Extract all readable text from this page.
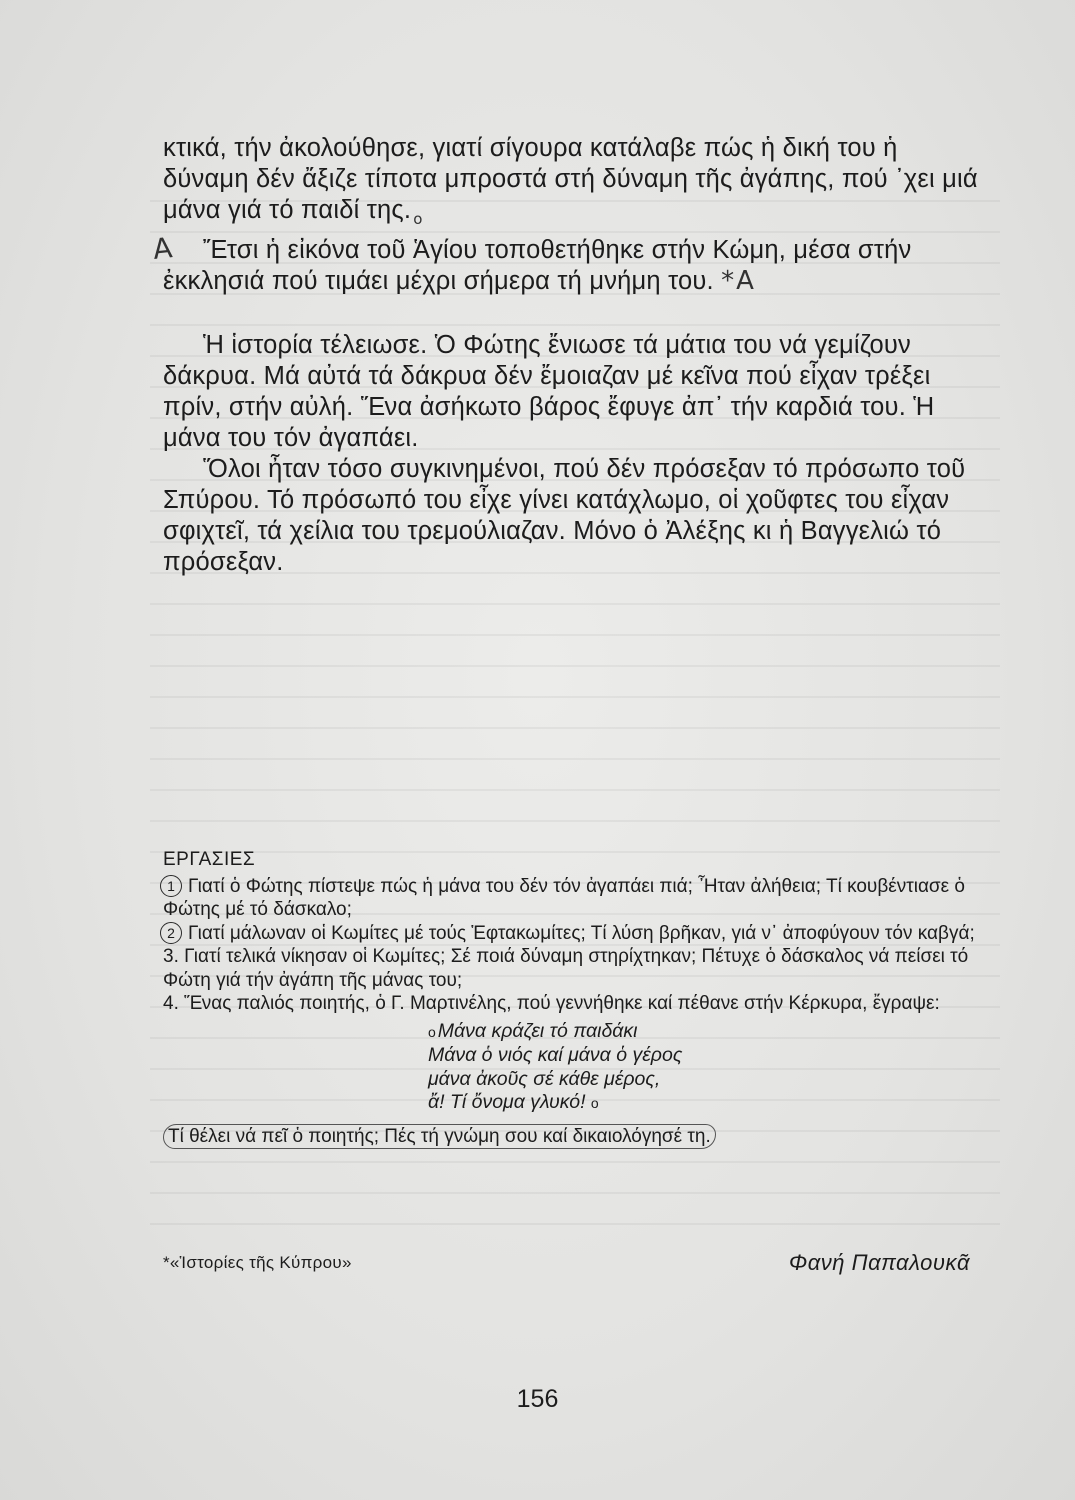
A

κτικά, τήν ἀκολούθησε, γιατί σίγουρα κατάλαβε πώς ἡ δική του ἡ δύναμη δέν ἄξιζε τίποτα μπροστά στή δύναμη τῆς ἀγάπης, πού ᾽χει μιά μάνα γιά τό παιδί της. $_o$

Ἔτσι ἡ εἰκόνα τοῦ Ἁγίου τοποθετήθηκε στήν Κώμη, μέσα στήν ἐκκλησιά πού τιμάει μέχρι σήμερα τή μνήμη του. *A

Ἡ ἱστορία τέλειωσε. Ὁ Φώτης ἔνιωσε τά μάτια του νά γεμίζουν δάκρυα. Μά αὐτά τά δάκρυα δέν ἔμοιαζαν μέ κεῖνα πού εἶχαν τρέξει πρίν, στήν αὐλή. Ἕνα ἀσήκωτο βάρος ἔφυγε ἀπ᾽ τήν καρδιά του. Ἡ μάνα του τόν ἀγαπάει.

Ὅλοι ἦταν τόσο συγκινημένοι, πού δέν πρόσεξαν τό πρόσωπο τοῦ Σπύρου. Τό πρόσωπό του εἶχε γίνει κατάχλωμο, οἱ χοῦφτες του εἶχαν σφιχτεῖ, τά χείλια του τρεμούλιαζαν. Μόνο ὁ Ἀλέξης κι ἡ Βαγγελιώ τό πρόσεξαν.

ΕΡΓΑΣΙΕΣ

1 Γιατί ὁ Φώτης πίστεψε πώς ἡ μάνα του δέν τόν ἀγαπάει πιά; Ἦταν ἀλήθεια; Τί κουβέντιασε ὁ Φώτης μέ τό δάσκαλο;

2 Γιατί μάλωναν οἱ Κωμίτες μέ τούς Ἑφτακωμίτες; Τί λύση βρῆκαν, γιά ν᾽ ἀποφύγουν τόν καβγά;

3. Γιατί τελικά νίκησαν οἱ Κωμίτες; Σέ ποιά δύναμη στηρίχτηκαν; Πέτυχε ὁ δάσκαλος νά πείσει τό Φώτη γιά τήν ἀγάπη τῆς μάνας του;

4. Ἕνας παλιός ποιητής, ὁ Γ. Μαρτινέλης, πού γεννήθηκε καί πέθανε στήν Κέρκυρα, ἔγραψε:

o Μάνα κράζει τό παιδάκι
Μάνα ὁ νιός καί μάνα ὁ γέρος
μάνα ἀκοῦς σέ κάθε μέρος,
ἄ! Τί ὄνομα γλυκό! o
Τί θέλει νά πεῖ ὁ ποιητής; Πές τή γνώμη σου καί δικαιολόγησέ τη.
*«Ἱστορίες τῆς Κύπρου»	Φανή Παπαλουκᾶ
156
